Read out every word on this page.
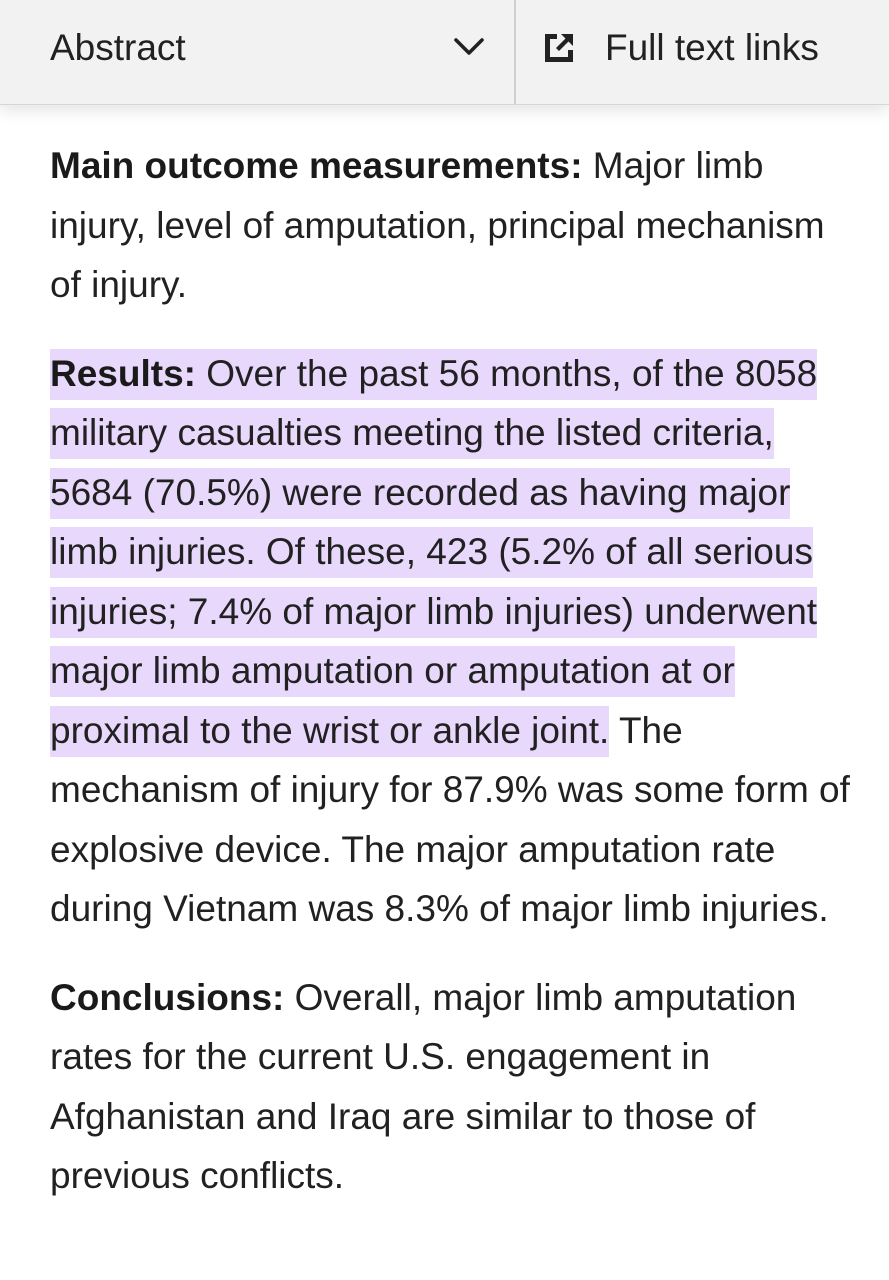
Abstract	Full text links

Main outcome measurements: Major limb injury, level of amputation, principal mechanism of injury.

Results: Over the past 56 months, of the 8058 military casualties meeting the listed criteria, 5684 (70.5%) were recorded as having major limb injuries. Of these, 423 (5.2% of all serious injuries; 7.4% of major limb injuries) underwent major limb amputation or amputation at or proximal to the wrist or ankle joint. The mechanism of injury for 87.9% was some form of explosive device. The major amputation rate during Vietnam was 8.3% of major limb injuries.

Conclusions: Overall, major limb amputation rates for the current U.S. engagement in Afghanistan and Iraq are similar to those of previous conflicts.
